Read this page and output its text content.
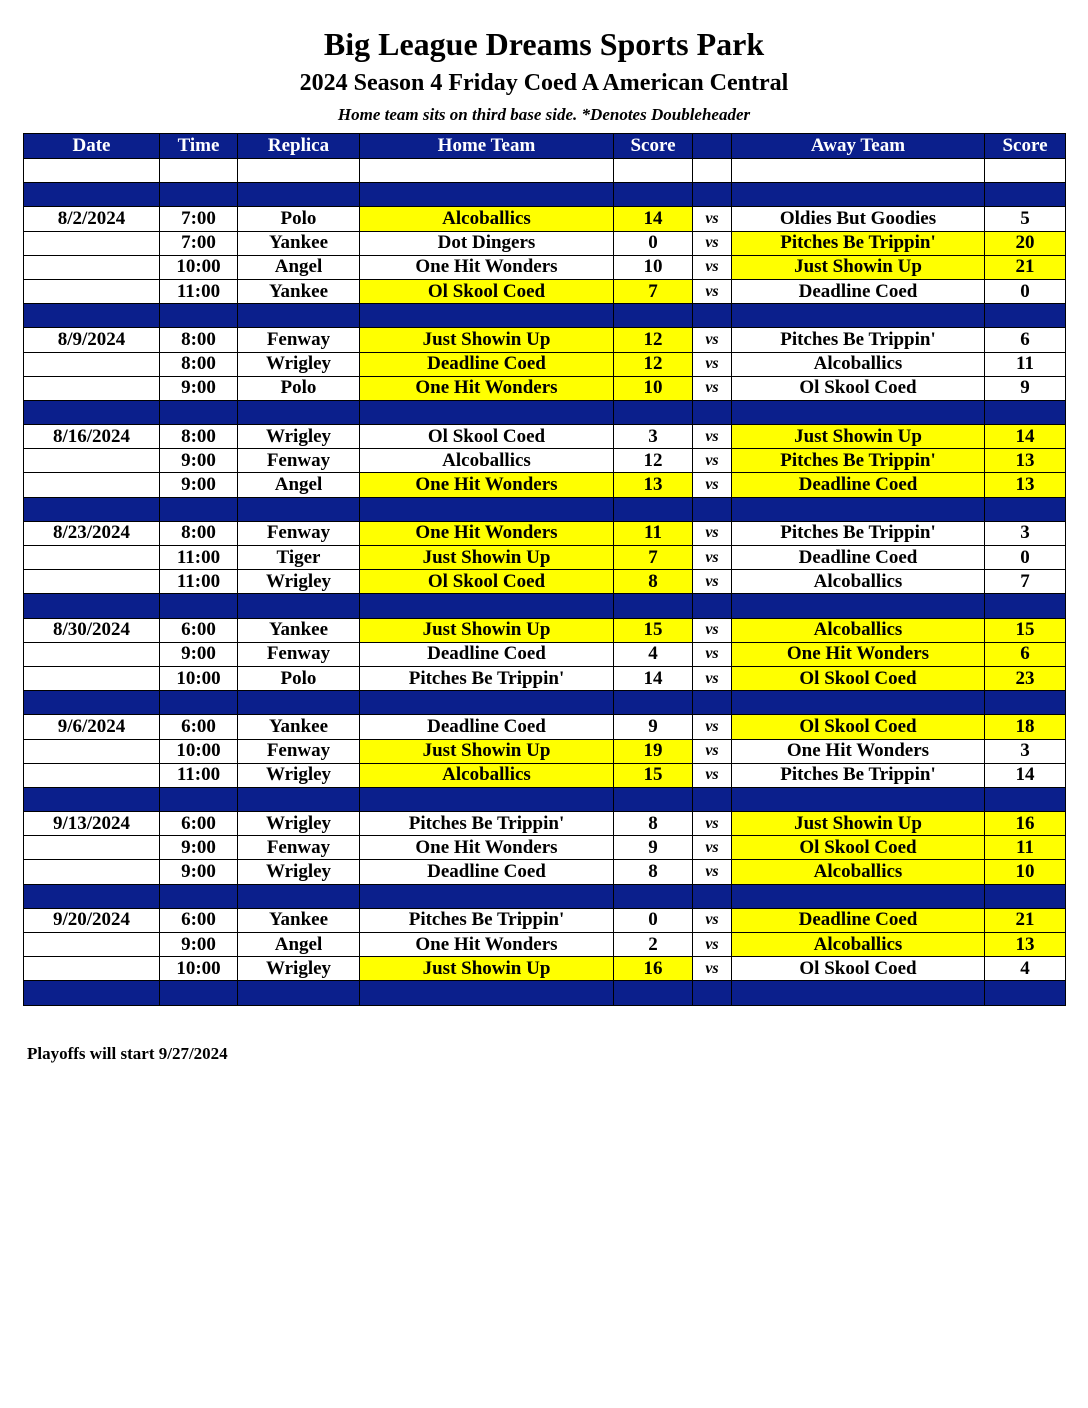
Big League Dreams Sports Park
2024 Season 4 Friday Coed A American Central
Home team sits on third base side. *Denotes Doubleheader
Date	Time	Replica	Home Team	Score		Away Team	Score

8/2/2024	7:00	Polo	Alcoballics	14	vs	Oldies But Goodies	5
	7:00	Yankee	Dot Dingers	0	vs	Pitches Be Trippin'	20
	10:00	Angel	One Hit Wonders	10	vs	Just Showin Up	21
	11:00	Yankee	Ol Skool Coed	7	vs	Deadline Coed	0

8/9/2024	8:00	Fenway	Just Showin Up	12	vs	Pitches Be Trippin'	6
	8:00	Wrigley	Deadline Coed	12	vs	Alcoballics	11
	9:00	Polo	One Hit Wonders	10	vs	Ol Skool Coed	9

8/16/2024	8:00	Wrigley	Ol Skool Coed	3	vs	Just Showin Up	14
	9:00	Fenway	Alcoballics	12	vs	Pitches Be Trippin'	13
	9:00	Angel	One Hit Wonders	13	vs	Deadline Coed	13

8/23/2024	8:00	Fenway	One Hit Wonders	11	vs	Pitches Be Trippin'	3
	11:00	Tiger	Just Showin Up	7	vs	Deadline Coed	0
	11:00	Wrigley	Ol Skool Coed	8	vs	Alcoballics	7

8/30/2024	6:00	Yankee	Just Showin Up	15	vs	Alcoballics	15
	9:00	Fenway	Deadline Coed	4	vs	One Hit Wonders	6
	10:00	Polo	Pitches Be Trippin'	14	vs	Ol Skool Coed	23

9/6/2024	6:00	Yankee	Deadline Coed	9	vs	Ol Skool Coed	18
	10:00	Fenway	Just Showin Up	19	vs	One Hit Wonders	3
	11:00	Wrigley	Alcoballics	15	vs	Pitches Be Trippin'	14

9/13/2024	6:00	Wrigley	Pitches Be Trippin'	8	vs	Just Showin Up	16
	9:00	Fenway	One Hit Wonders	9	vs	Ol Skool Coed	11
	9:00	Wrigley	Deadline Coed	8	vs	Alcoballics	10

9/20/2024	6:00	Yankee	Pitches Be Trippin'	0	vs	Deadline Coed	21
	9:00	Angel	One Hit Wonders	2	vs	Alcoballics	13
	10:00	Wrigley	Just Showin Up	16	vs	Ol Skool Coed	4

Playoffs will start 9/27/2024
